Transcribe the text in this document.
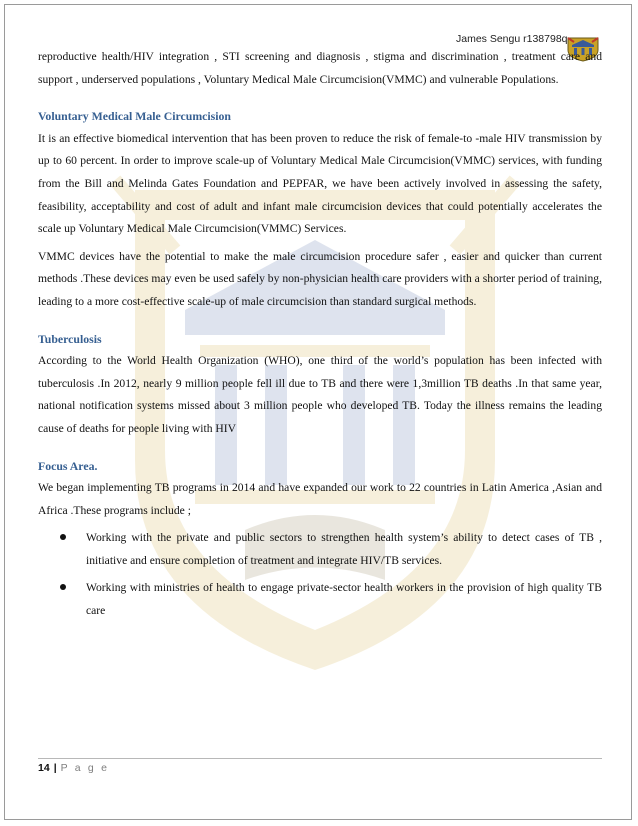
James Sengu r138798q

reproductive health/HIV integration , STI screening and diagnosis , stigma and discrimination , treatment care and support , underserved populations , Voluntary Medical Male Circumcision(VMMC) and vulnerable Populations.

Voluntary Medical Male Circumcision

It is an effective biomedical intervention that has been proven to reduce the risk of female-to -male HIV transmission by up to 60 percent. In order to improve scale-up of Voluntary Medical Male Circumcision(VMMC) services, with funding from the Bill and Melinda Gates Foundation and PEPFAR, we have been actively involved in assessing the safety, feasibility, acceptability and cost of adult and infant male circumcision devices that could potentially accelerates the scale up Voluntary Medical Male Circumcision(VMMC) Services.

VMMC devices have the potential to make the male circumcision procedure safer , easier and quicker than current methods .These devices may even be used safely by non-physician health care providers with a shorter period of training, leading to a more cost-effective scale-up of male circumcision than standard surgical methods.

Tuberculosis

According to the World Health Organization (WHO), one third of the world’s population has been infected with tuberculosis .In 2012, nearly 9 million people fell ill due to TB and there were 1,3million TB deaths .In that same year, national notification systems missed about 3 million people who developed TB. Today the illness remains the leading cause of deaths for people living with HIV

Focus Area.

We began implementing TB programs in 2014 and have expanded our work to 22 countries in Latin America ,Asian and Africa .These programs include ;

Working with the private and public sectors to strengthen health system’s ability to detect cases of TB , initiative and ensure completion of treatment and integrate HIV/TB services.
Working with ministries of health to engage private-sector health workers in the provision of high quality TB care
14 | P a g e
